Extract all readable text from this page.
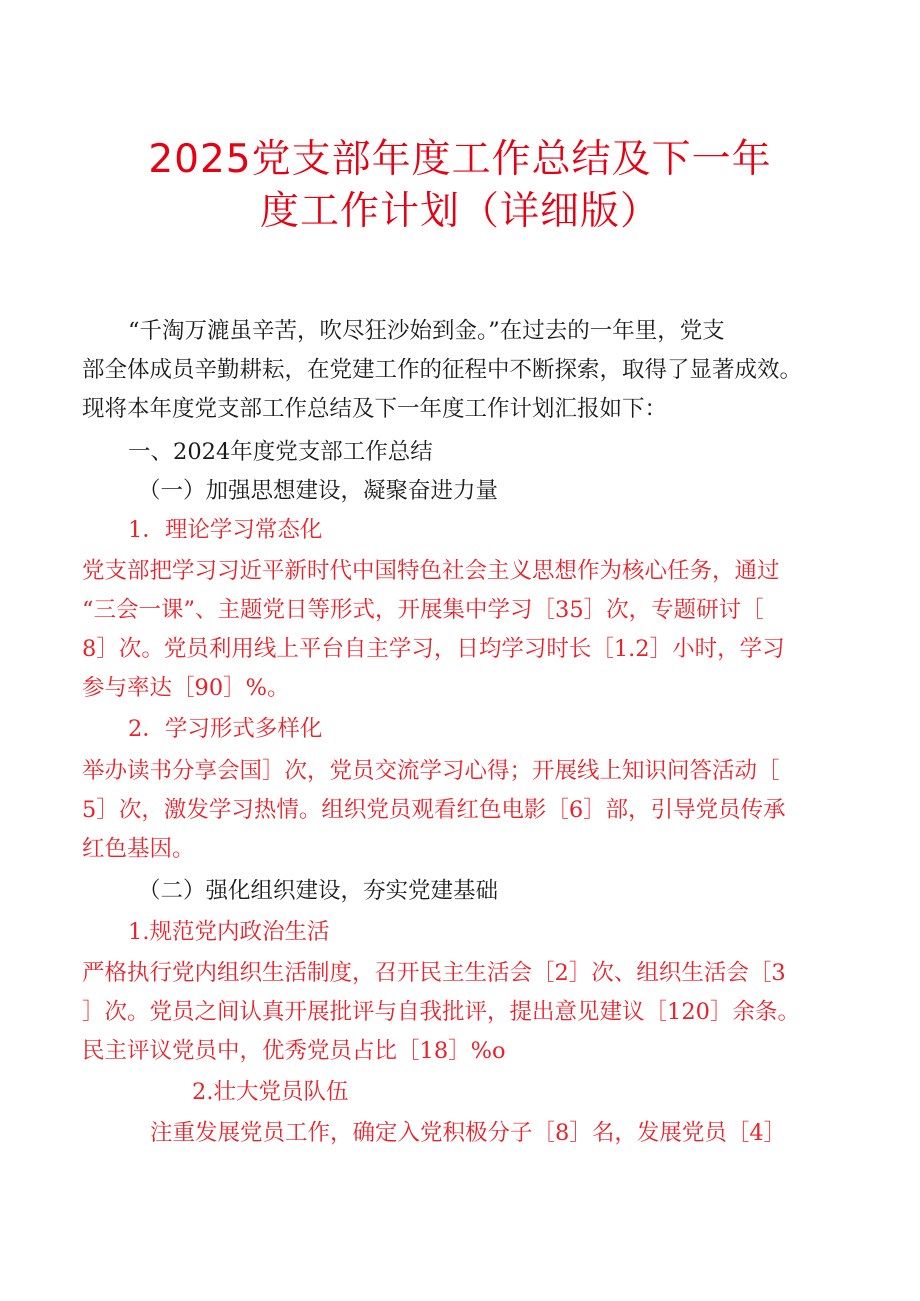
2025党支部年度工作总结及下一年
度工作计划（详细版）
“千淘万漉虽辛苦，吹尽狂沙始到金。”在过去的一年里，党支
部全体成员辛勤耕耘，在党建工作的征程中不断探索，取得了显著成效。
现将本年度党支部工作总结及下一年度工作计划汇报如下：
一、2024年度党支部工作总结
（一）加强思想建设，凝聚奋进力量
1．理论学习常态化
党支部把学习习近平新时代中国特色社会主义思想作为核心任务，通过
“三会一课”、主题党日等形式，开展集中学习［35］次，专题研讨［
8］次。党员利用线上平台自主学习，日均学习时长［1.2］小时，学习
参与率达［90］%。
2．学习形式多样化
举办读书分享会国］次，党员交流学习心得；开展线上知识问答活动［
5］次，激发学习热情。组织党员观看红色电影［6］部，引导党员传承
红色基因。
（二）强化组织建设，夯实党建基础
1.规范党内政治生活
严格执行党内组织生活制度，召开民主生活会［2］次、组织生活会［3
］次。党员之间认真开展批评与自我批评，提出意见建议［120］余条。
民主评议党员中，优秀党员占比［18］%o
2.壮大党员队伍
注重发展党员工作，确定入党积极分子［8］名，发展党员［4］
